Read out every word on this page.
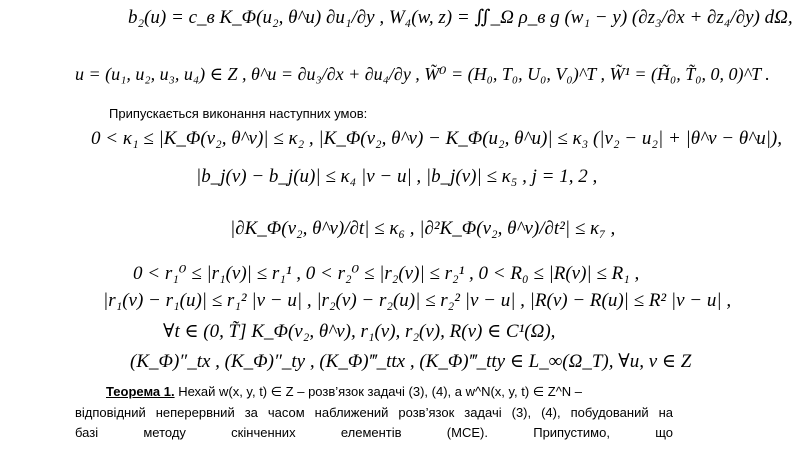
b₂(u) = c_в K_Φ(u₂, θ^u) ∂u₁/∂y , W₄(w, z) = ∬_Ω ρ_в g (w₁ − y) (∂z₃/∂x + ∂z₄/∂y) dΩ,
u = (u₁, u₂, u₃, u₄) ∈ Z , θ^u = ∂u₃/∂x + ∂u₄/∂y , W̃⁰ = (H₀, T₀, U₀, V₀)^T , W̃¹ = (H̃₀, T̃₀, 0, 0)^T .
Припускається виконання наступних умов:
0 < κ₁ ≤ |K_Φ(v₂, θ^v)| ≤ κ₂ , |K_Φ(v₂, θ^v) − K_Φ(u₂, θ^u)| ≤ κ₃ (|v₂ − u₂| + |θ^v − θ^u|),
|b_j(v) − b_j(u)| ≤ κ₄ |v − u| , |b_j(v)| ≤ κ₅ , j = 1, 2 ,
|∂K_Φ(v₂, θ^v)/∂t| ≤ κ₆ , |∂²K_Φ(v₂, θ^v)/∂t²| ≤ κ₇ ,
0 < r₁⁰ ≤ |r₁(v)| ≤ r₁¹ , 0 < r₂⁰ ≤ |r₂(v)| ≤ r₂¹ , 0 < R₀ ≤ |R(v)| ≤ R₁ ,
|r₁(v) − r₁(u)| ≤ r₁² |v − u| , |r₂(v) − r₂(u)| ≤ r₂² |v − u| , |R(v) − R(u)| ≤ R² |v − u| ,
∀t ∈ (0, T̃] K_Φ(v₂, θ^v), r₁(v), r₂(v), R(v) ∈ C¹(Ω),
(K_Φ)″_tx , (K_Φ)″_ty , (K_Φ)‴_ttx , (K_Φ)‴_tty ∈ L_∞(Ω_T), ∀u, v ∈ Z
Теорема 1. Нехай w(x, y, t) ∈ Z – розв’язок задачі (3), (4), а w^N(x, y, t) ∈ Z^N –
відповідний неперервний за часом наближений розв’язок задачі (3), (4), побудований на
базі методу скінченних елементів (МСЕ). Припустимо, що
